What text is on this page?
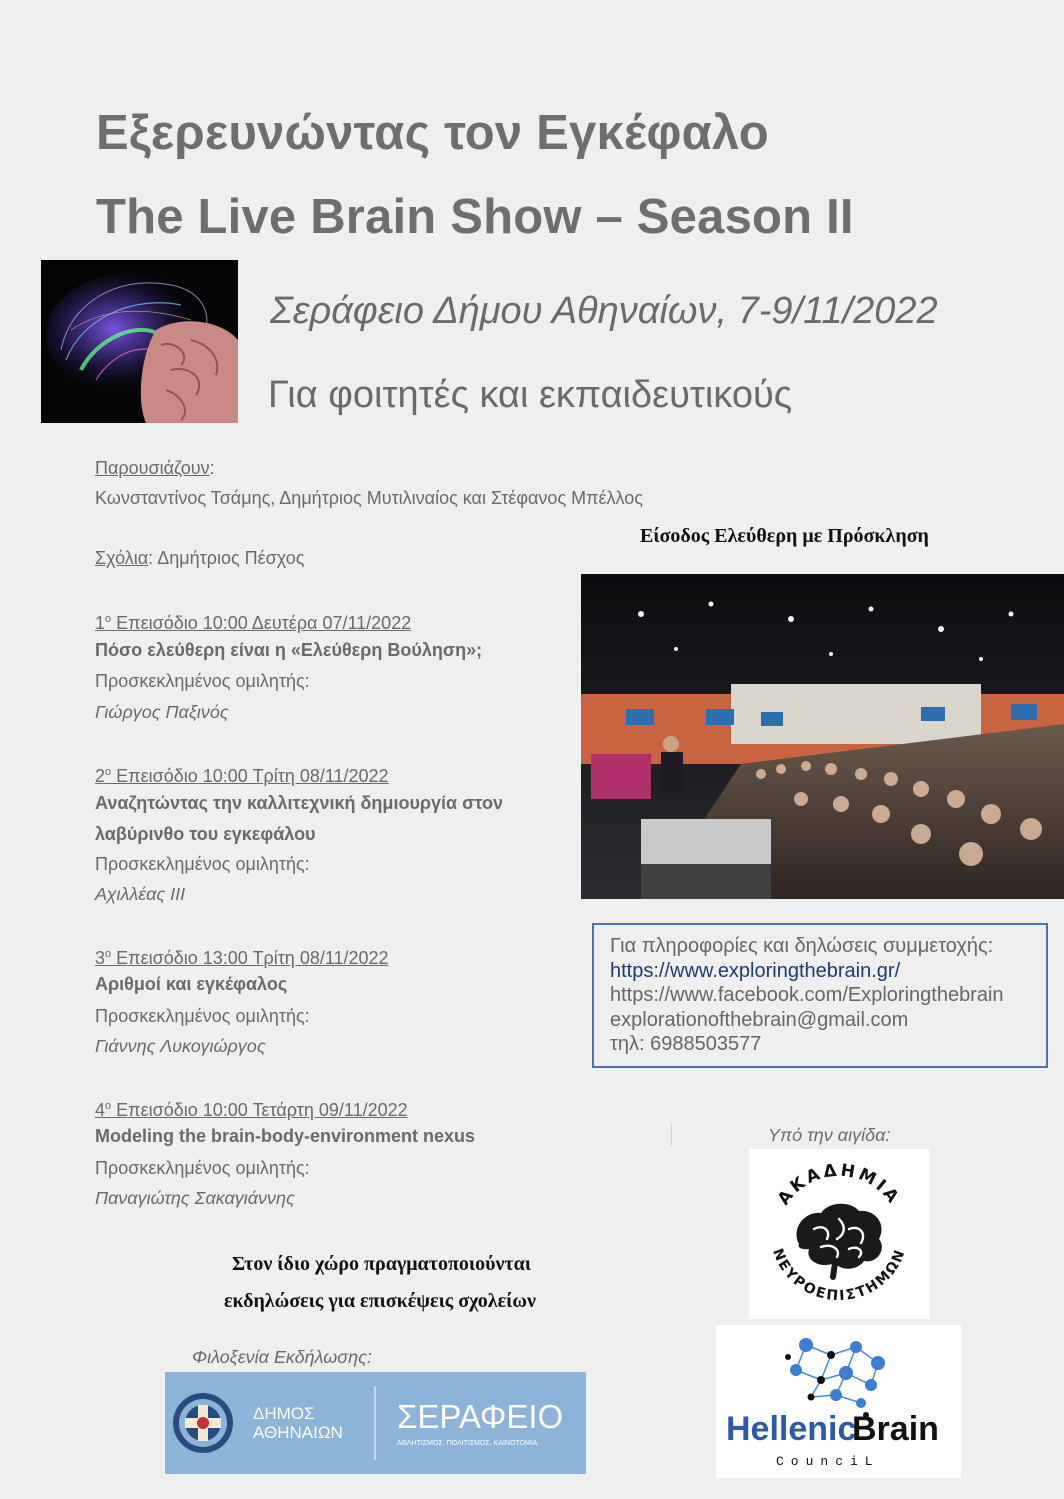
Εξερευνώντας τον Εγκέφαλο
The Live Brain Show – Season II
Σεράφειο Δήμου Αθηναίων, 7-9/11/2022
Για φοιτητές και εκπαιδευτικούς
Παρουσιάζουν:
Κωνσταντίνος Τσάμης, Δημήτριος Μυτιλιναίος και Στέφανος Μπέλλος
Σχόλια: Δημήτριος Πέσχος
Είσοδος Ελεύθερη με Πρόσκληση
$1^o$ Επεισόδιο 10:00 Δευτέρα 07/11/2022
Πόσο ελεύθερη είναι η «Ελεύθερη Βούληση»;
Προσκεκλημένος ομιλητής:
Γιώργος Παξινός
$2^o$ Επεισόδιο 10:00 Τρίτη 08/11/2022
Αναζητώντας την καλλιτεχνική δημιουργία στον
λαβύρινθο του εγκεφάλου
Προσκεκλημένος ομιλητής:
Αχιλλέας ΙΙΙ
$3^o$ Επεισόδιο 13:00 Τρίτη 08/11/2022
Αριθμοί και εγκέφαλος
Προσκεκλημένος ομιλητής:
Γιάννης Λυκογιώργος
$4^o$ Επεισόδιο 10:00 Τετάρτη 09/11/2022
Modeling the brain-body-environment nexus
Προσκεκλημένος ομιλητής:
Παναγιώτης Σακαγιάννης
Για πληροφορίες και δηλώσεις συμμετοχής:
https://www.exploringthebrain.gr/
https://www.facebook.com/Exploringthebrain
explorationofthebrain@gmail.com
τηλ: 6988503577
Υπό την αιγίδα:
ΑΚΑΔΗΜΙΑ
ΝΕΥΡΟΕΠΙΣΤΗΜΩΝ
Hellenic
Brain
CounciL
Στον ίδιο χώρο πραγματοποιούνται
εκδηλώσεις για επισκέψεις σχολείων
Φιλοξενία Εκδήλωσης:
ΔΗΜΟΣ
ΑΘΗΝΑΙΩΝ ΣΕΡΑΦΕΙΟ
ΑΘΛΗΤΙΣΜΟΣ, ΠΟΛΙΤΙΣΜΟΣ, ΚΑΙΝΟΤΟΜΙΑ
